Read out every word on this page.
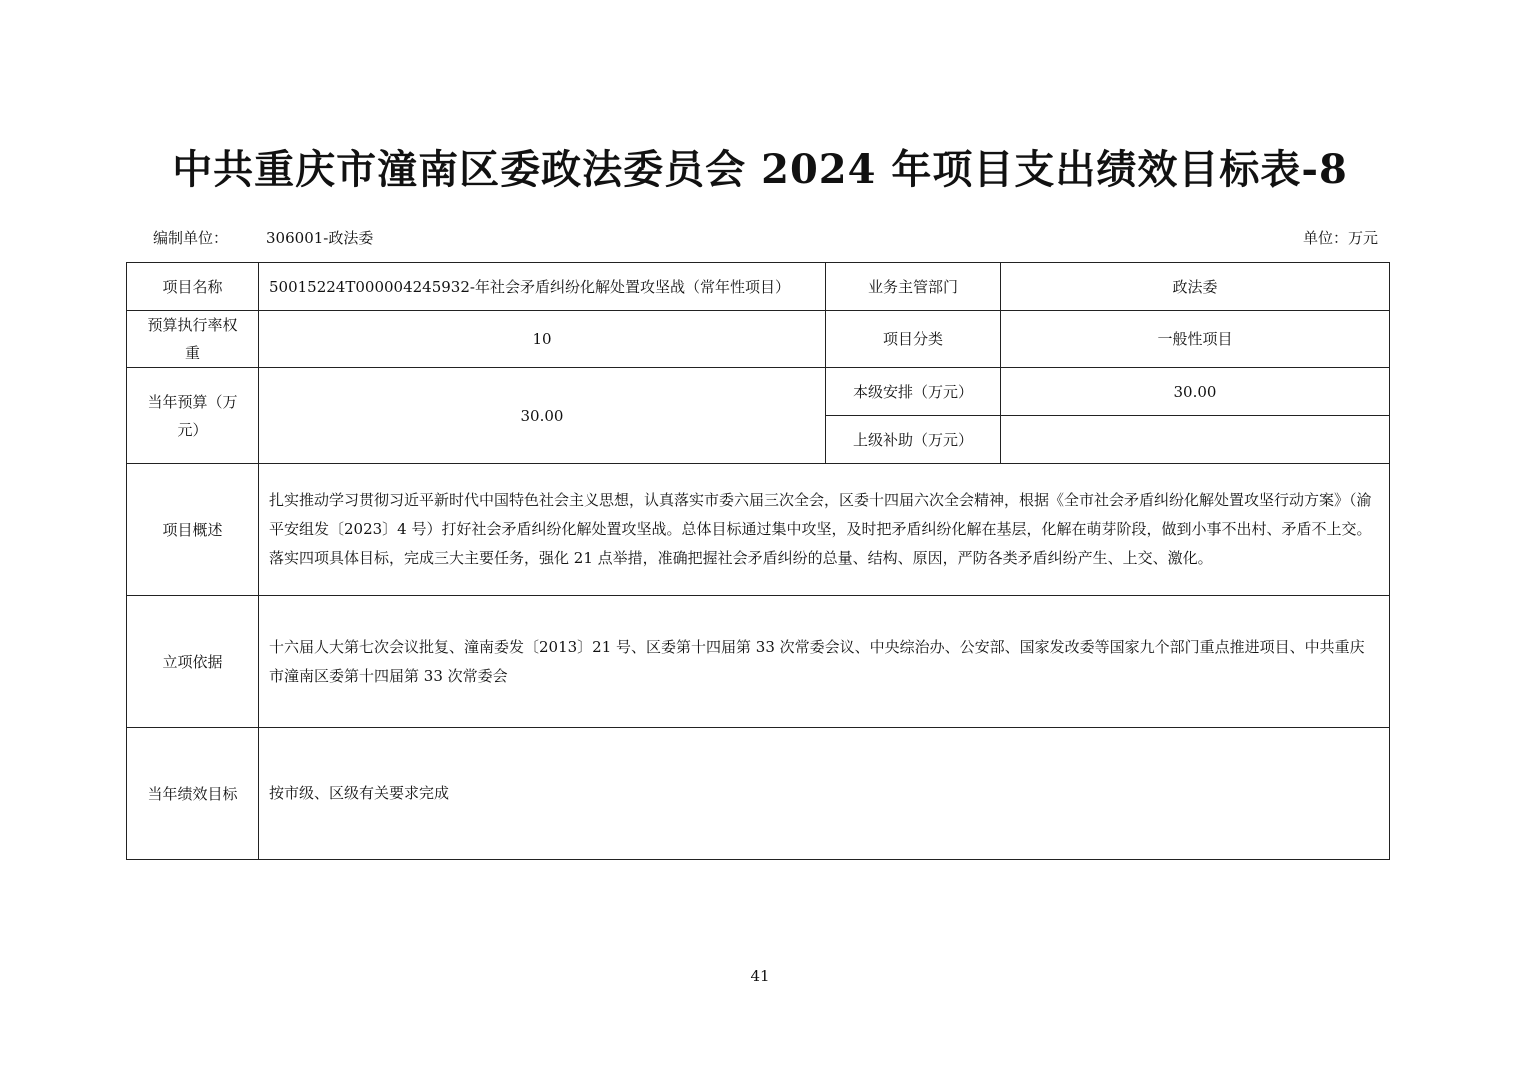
中共重庆市潼南区委政法委员会 2024 年项目支出绩效目标表-8
编制单位：	306001-政法委	单位：万元
项目名称	50015224T000004245932-年社会矛盾纠纷化解处置攻坚战（常年性项目）	业务主管部门	政法委

预算执行率权
重	10	项目分类	一般性项目

当年预算（万
元）	30.00	本级安排（万元）	30.00
		上级补助（万元）	
项目概述	扎实推动学习贯彻习近平新时代中国特色社会主义思想，认真落实市委六届三次全会，区委十四届六次全会精神，根据《全市社会矛盾纠纷化解处置攻坚行动方案》（渝平安组发〔2023〕4 号）打好社会矛盾纠纷化解处置攻坚战。总体目标通过集中攻坚，及时把矛盾纠纷化解在基层，化解在萌芽阶段，做到小事不出村、矛盾不上交。落实四项具体目标，完成三大主要任务，强化 21 点举措，准确把握社会矛盾纠纷的总量、结构、原因，严防各类矛盾纠纷产生、上交、激化。		
立项依据	十六届人大第七次会议批复、潼南委发〔2013〕21 号、区委第十四届第 33 次常委会议、中央综治办、公安部、国家发改委等国家九个部门重点推进项目、中共重庆市潼南区委第十四届第 33 次常委会		
当年绩效目标	按市级、区级有关要求完成		
41
